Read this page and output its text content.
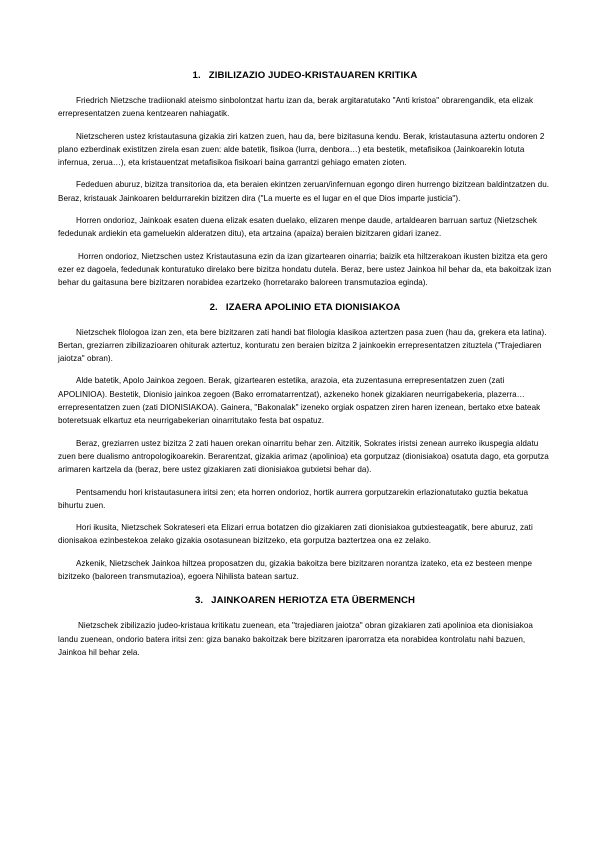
1. ZIBILIZAZIO JUDEO-KRISTAUAREN KRITIKA

Friedrich Nietzsche tradiionakl ateismo sinbolontzat hartu izan da, berak argitaratutako "Anti kristoa" obrarengandik, eta elizak errepresentatzen zuena kentzearen nahiagatik.

Nietzscheren ustez kristautasuna gizakia ziri katzen zuen, hau da, bere bizitasuna kendu. Berak, kristautasuna aztertu ondoren 2 plano ezberdinak existitzen zirela esan zuen: alde batetik, fisikoa (lurra, denbora…) eta bestetik, metafisikoa (Jainkoarekin lotuta infernua, zerua…), eta kristauentzat metafisikoa fisikoari baina garrantzi gehiago ematen zioten.

Fededuen aburuz, bizitza transitorioa da, eta beraien ekintzen zeruan/infernuan egongo diren hurrengo bizitzean baldintzatzen du. Beraz, kristauak Jainkoaren beldurrarekin bizitzen dira ("La muerte es el lugar en el que Dios imparte justicia").

Horren ondorioz, Jainkoak esaten duena elizak esaten duelako, elizaren menpe daude, artaldearen barruan sartuz (Nietzschek fededunak ardiekin eta gameluekin alderatzen ditu), eta artzaina (apaiza) beraien bizitzaren gidari izanez.

Horren ondorioz, Nietzschen ustez Kristautasuna ezin da izan gizartearen oinarria; baizik eta hiltzerakoan ikusten bizitza eta gero ezer ez dagoela, fededunak konturatuko direlako bere bizitza hondatu dutela. Beraz, bere ustez Jainkoa hil behar da, eta bakoitzak izan behar du gaitasuna bere bizitzaren norabidea ezartzeko (horretarako baloreen transmutazioa eginda).

2. IZAERA APOLINIO ETA DIONISIAKOA

Nietzschek filologoa izan zen, eta bere bizitzaren zati handi bat filologia klasikoa aztertzen pasa zuen (hau da, grekera eta latina). Bertan, greziarren zibilizazioaren ohiturak aztertuz, konturatu zen beraien bizitza 2 jainkoekin errepresentatzen zituztela ("Trajediaren jaiotza" obran).

Alde batetik, Apolo Jainkoa zegoen. Berak, gizartearen estetika, arazoia, eta zuzentasuna errepresentatzen zuen (zati APOLINIOA). Bestetik, Dionisio jainkoa zegoen (Bako erromatarrentzat), azkeneko honek gizakiaren neurrigabekeria, plazerra… errepresentatzen zuen (zati DIONISIAKOA). Gainera, "Bakonalak" izeneko orgiak ospatzen ziren haren izenean, bertako etxe bateak boteretsuak elkartuz eta neurrigabekerian oinarritutako festa bat ospatuz.

Beraz, greziarren ustez bizitza 2 zati hauen orekan oinarritu behar zen. Aitzitik, Sokrates iristsi zenean aurreko ikuspegia aldatu zuen bere dualismo antropologikoarekin. Berarentzat, gizakia arimaz (apolinioa) eta gorputzaz (dionisiakoa) osatuta dago, eta gorputza arimaren kartzela da (beraz, bere ustez gizakiaren zati dionisiakoa gutxietsi behar da).

Pentsamendu hori kristautasunera iritsi zen; eta horren ondorioz, hortik aurrera gorputzarekin erlazionatutako guztia bekatua bihurtu zuen.

Hori ikusita, Nietzschek Sokrateseri eta Elizari errua botatzen dio gizakiaren zati dionisiakoa gutxiesteagatik, bere aburuz, zati dionisakoa ezinbestekoa zelako gizakia osotasunean bizitzeko, eta gorputza baztertzea ona ez zelako.

Azkenik, Nietzschek Jainkoa hiltzea proposatzen du, gizakia bakoitza bere bizitzaren norantza izateko, eta ez besteen menpe bizitzeko (baloreen transmutazioa), egoera Nihilista batean sartuz.

3. JAINKOAREN HERIOTZA ETA ÜBERMENCH

Nietzschek zibilizazio judeo-kristaua kritikatu zuenean, eta "trajediaren jaiotza" obran gizakiaren zati apolinioa eta dionisiakoa landu zuenean, ondorio batera iritsi zen: giza banako bakoitzak bere bizitzaren iparorratza eta norabidea kontrolatu nahi bazuen, Jainkoa hil behar zela.
